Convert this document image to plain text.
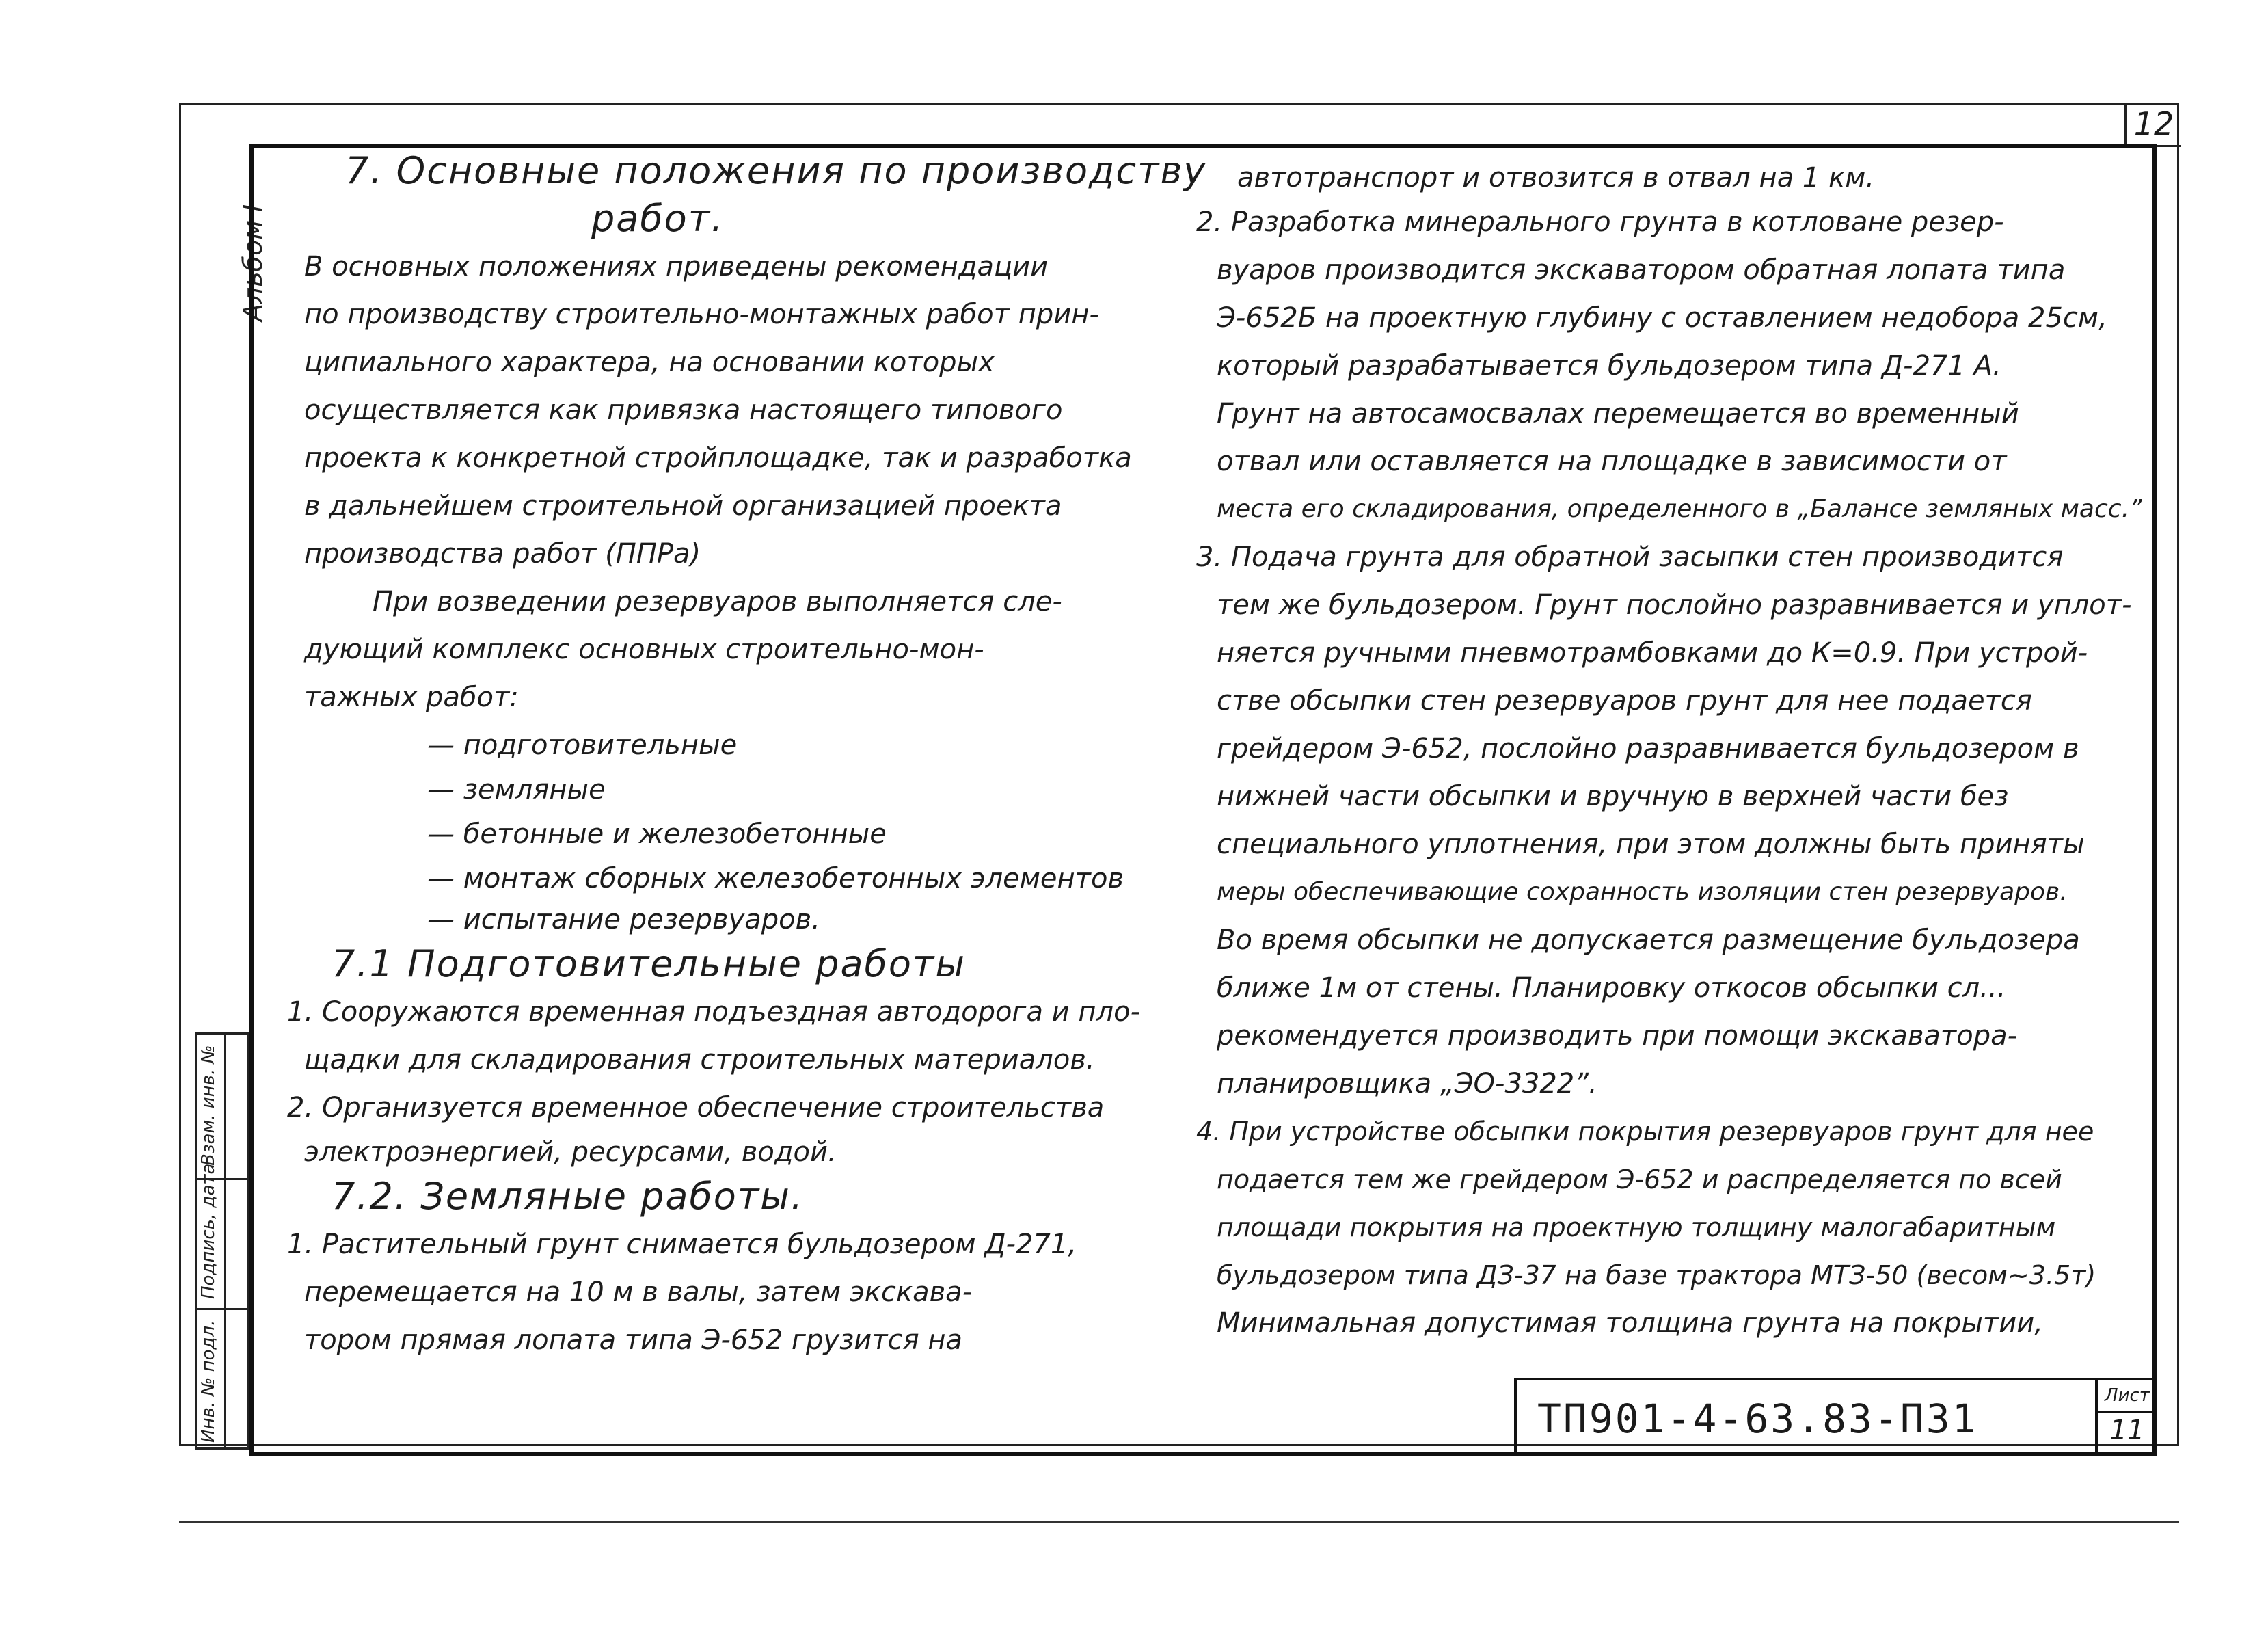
12
Альбом I
Инв. № подл.
Подпись, дата
Взам. инв. №
7. Основные положения по производству
работ.
В основных положениях приведены рекомендации
по производству строительно-монтажных работ прин-
ципиального характера, на основании которых
осуществляется как привязка настоящего типового
проекта к конкретной стройплощадке, так и разработка
в дальнейшем строительной организацией проекта
производства работ (ППРа)
При возведении резервуаров выполняется сле-
дующий комплекс основных строительно-мон-
тажных работ:
— подготовительные
— земляные
— бетонные и железобетонные
— монтаж сборных железобетонных элементов
— испытание резервуаров.
7.1 Подготовительные работы
1. Сооружаются временная подъездная автодорога и пло-
щадки для складирования строительных материалов.
2. Организуется временное обеспечение строительства
электроэнергией, ресурсами, водой.
7.2. Земляные работы.
1. Растительный грунт снимается бульдозером Д-271,
перемещается на 10 м в валы, затем экскава-
тором прямая лопата типа Э-652 грузится на
автотранспорт и отвозится в отвал на 1 км.
2. Разработка минерального грунта в котловане резер-
вуаров производится экскаватором обратная лопата типа
Э-652Б на проектную глубину с оставлением недобора 25см,
который разрабатывается бульдозером типа Д-271 А.
Грунт на автосамосвалах перемещается во временный
отвал или оставляется на площадке в зависимости от
места его складирования, определенного в „Балансе земляных масс.”
3. Подача грунта для обратной засыпки стен производится
тем же бульдозером. Грунт послойно разравнивается и уплот-
няется ручными пневмотрамбовками до К=0.9. При устрой-
стве обсыпки стен резервуаров грунт для нее подается
грейдером Э-652, послойно разравнивается бульдозером в
нижней части обсыпки и вручную в верхней части без
специального уплотнения, при этом должны быть приняты
меры обеспечивающие сохранность изоляции стен резервуаров.
Во время обсыпки не допускается размещение бульдозера
ближе 1м от стены. Планировку откосов обсыпки сл...
рекомендуется производить при помощи экскаватора-
планировщика „ЭО-3322”.
4. При устройстве обсыпки покрытия резервуаров грунт для нее
подается тем же грейдером Э-652 и распределяется по всей
площади покрытия на проектную толщину малогабаритным
бульдозером типа ДЗ-37 на базе трактора МТЗ-50 (весом~3.5т)
Минимальная допустимая толщина грунта на покрытии,
ТП901-4-63.83-П31	Лист
11
